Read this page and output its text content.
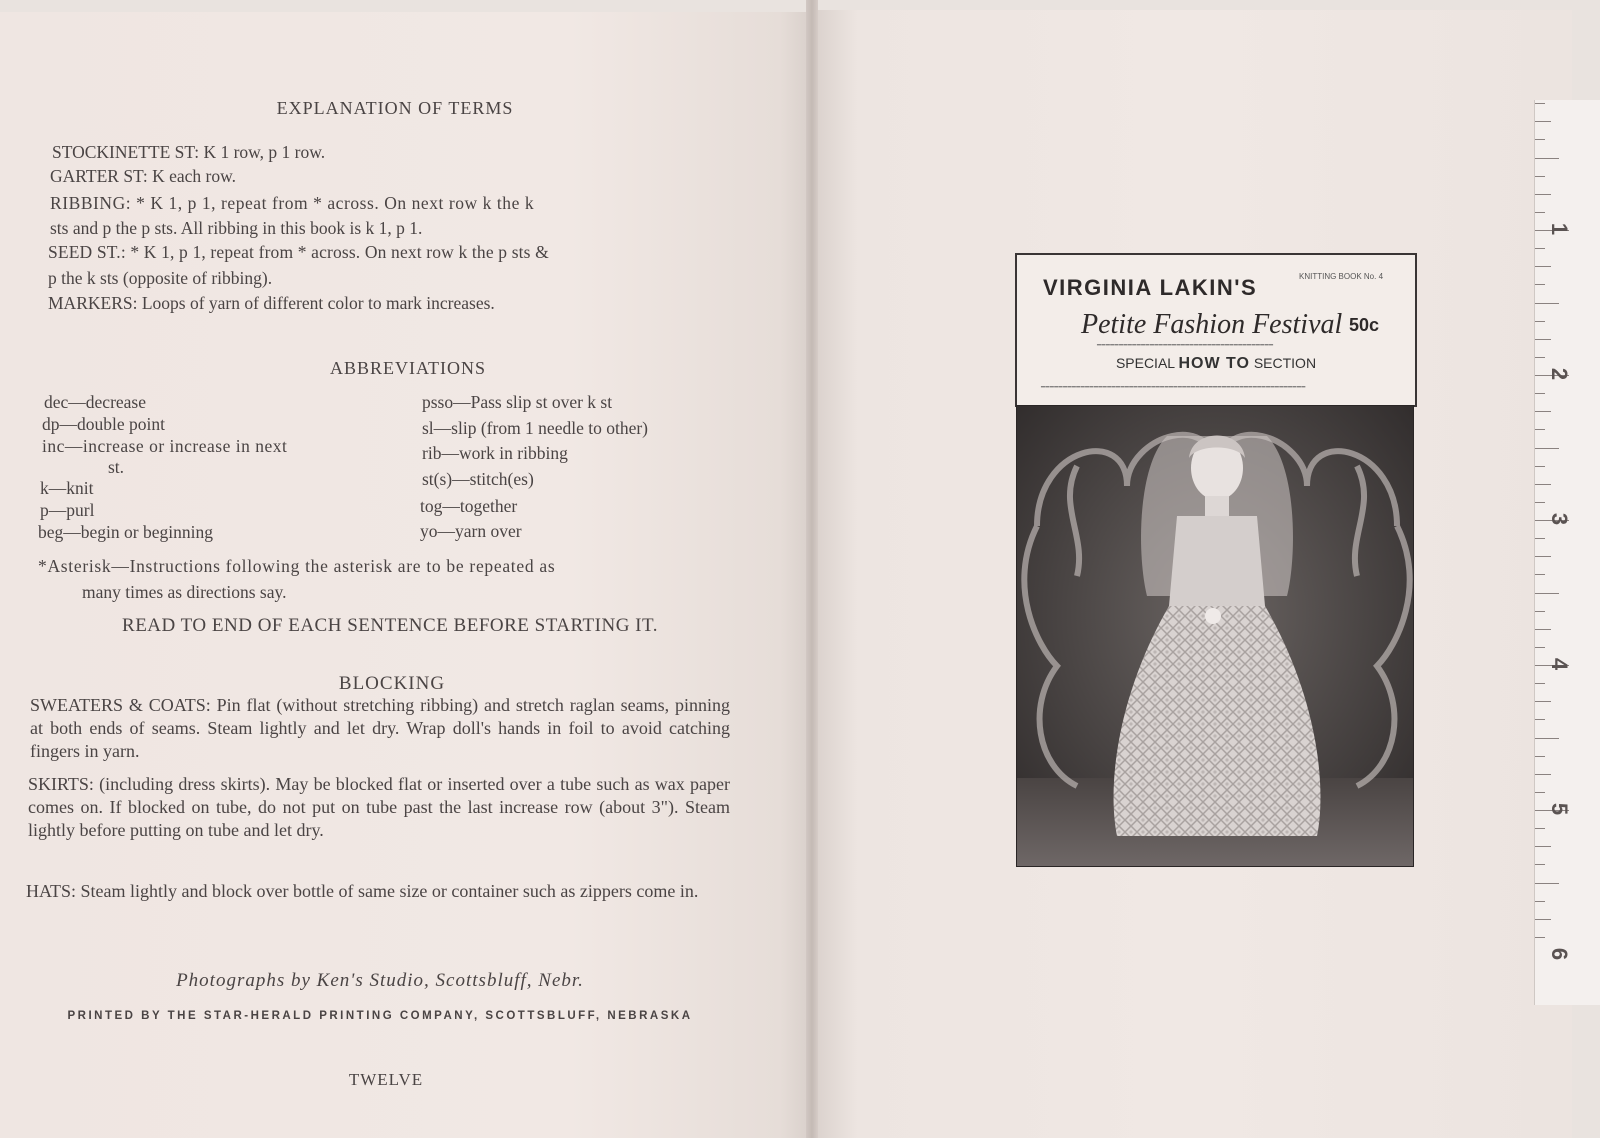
1
2
3
4
5
6
EXPLANATION OF TERMS
STOCKINETTE ST: K 1 row, p 1 row.
GARTER ST: K each row.
RIBBING: * K 1, p 1, repeat from * across. On next row k the k
sts and p the p sts. All ribbing in this book is k 1, p 1.
SEED ST.: * K 1, p 1, repeat from * across. On next row k the p sts &
p the k sts (opposite of ribbing).
MARKERS: Loops of yarn of different color to mark increases.
ABBREVIATIONS
dec—decrease
dp—double point
inc—increase or increase in next
st.
k—knit
p—purl
beg—begin or beginning
psso—Pass slip st over k st
sl—slip (from 1 needle to other)
rib—work in ribbing
st(s)—stitch(es)
tog—together
yo—yarn over
*Asterisk—Instructions following the asterisk are to be repeated as
many times as directions say.
READ TO END OF EACH SENTENCE BEFORE STARTING IT.
BLOCKING

SWEATERS & COATS: Pin flat (without stretching ribbing) and stretch raglan seams, pinning at both ends of seams. Steam lightly and let dry. Wrap doll's hands in foil to avoid catching fingers in yarn.

SKIRTS: (including dress skirts). May be blocked flat or inserted over a tube such as wax paper comes on. If blocked on tube, do not put on tube past the last increase row (about 3"). Steam lightly before putting on tube and let dry.

HATS: Steam lightly and block over bottle of same size or container such as zippers come in.

Photographs by Ken's Studio, Scottsbluff, Nebr.
PRINTED BY THE STAR-HERALD PRINTING COMPANY, SCOTTSBLUFF, NEBRASKA
TWELVE
VIRGINIA LAKIN'S	KNITTING BOOK No. 4
Petite Fashion Festival 50c
━━━━━━━━━━━━━━━━━━━━━━━━━━━━━━━━━━━━━━━━
SPECIAL HOW TO SECTION
━━━━━━━━━━━━━━━━━━━━━━━━━━━━━━━━━━━━━━━━━━━━━━━━━━━━━━━━━━━━
